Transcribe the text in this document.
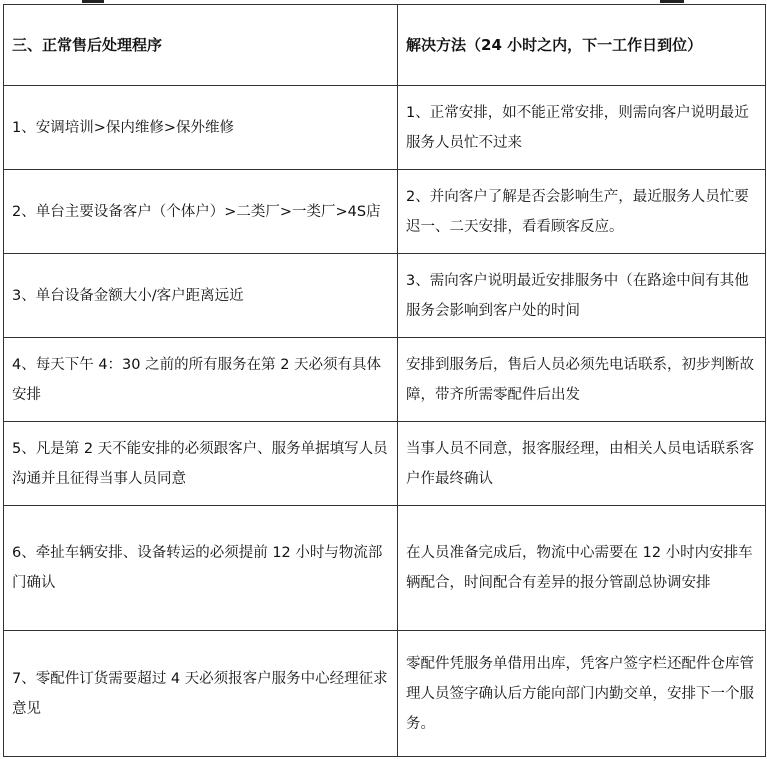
三、正常售后处理程序	解决方法（24 小时之内，下一工作日到位）

1、安调培训>保内维修>保外维修	1、正常安排，如不能正常安排，则需向客户说明最近服务人员忙不过来

2、单台主要设备客户（个体户）>二类厂>一类厂>4S店	2、并向客户了解是否会影响生产，最近服务人员忙要迟一、二天安排，看看顾客反应。

3、单台设备金额大小/客户距离远近	3、需向客户说明最近安排服务中（在路途中间有其他服务会影响到客户处的时间

4、每天下午 4：30 之前的所有服务在第 2 天必须有具体安排	安排到服务后，售后人员必须先电话联系，初步判断故障，带齐所需零配件后出发

5、凡是第 2 天不能安排的必须跟客户、服务单据填写人员沟通并且征得当事人员同意	当事人员不同意，报客服经理，由相关人员电话联系客户作最终确认

6、牵扯车辆安排、设备转运的必须提前 12 小时与物流部门确认	在人员准备完成后，物流中心需要在 12 小时内安排车辆配合，时间配合有差异的报分管副总协调安排

7、零配件订货需要超过 4 天必须报客户服务中心经理征求意见	零配件凭服务单借用出库，凭客户签字栏还配件仓库管理人员签字确认后方能向部门内勤交单，安排下一个服务。
